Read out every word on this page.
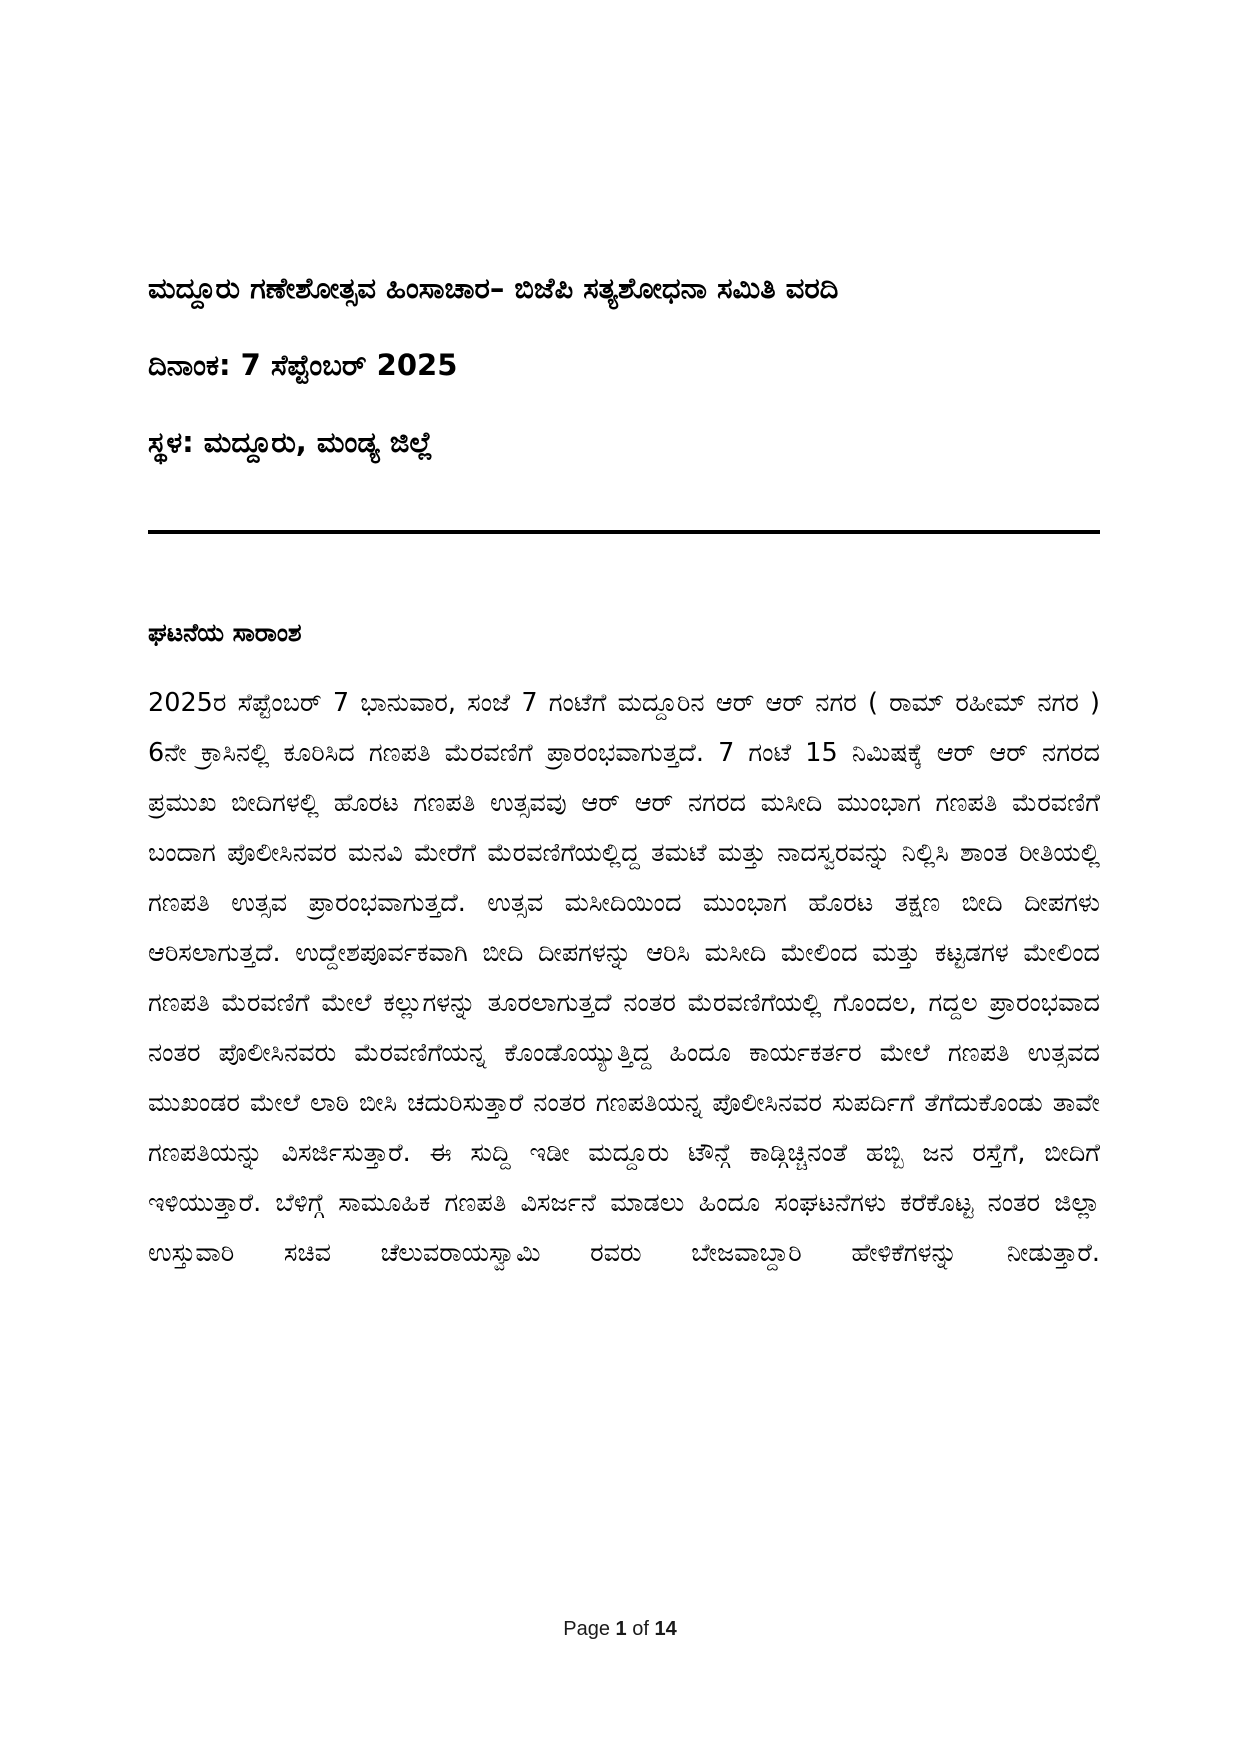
ಮದ್ದೂರು ಗಣೇಶೋತ್ಸವ ಹಿಂಸಾಚಾರ– ಬಿಜೆಪಿ ಸತ್ಯಶೋಧನಾ ಸಮಿತಿ ವರದಿ
ದಿನಾಂಕ: 7 ಸೆಪ್ಟೆಂಬರ್ 2025
ಸ್ಥಳ: ಮದ್ದೂರು, ಮಂಡ್ಯ ಜಿಲ್ಲೆ
ಘಟನೆಯ ಸಾರಾಂಶ

2025ರ ಸೆಪ್ಟೆಂಬರ್ 7 ಭಾನುವಾರ, ಸಂಜೆ 7 ಗಂಟೆಗೆ ಮದ್ದೂರಿನ ಆರ್ ಆರ್ ನಗರ ( ರಾಮ್ ರಹೀಮ್ ನಗರ ) 6ನೇ ಕ್ರಾಸಿನಲ್ಲಿ ಕೂರಿಸಿದ ಗಣಪತಿ ಮೆರವಣಿಗೆ ಪ್ರಾರಂಭವಾಗುತ್ತದೆ. 7 ಗಂಟೆ 15 ನಿಮಿಷಕ್ಕೆ ಆರ್ ಆರ್ ನಗರದ ಪ್ರಮುಖ ಬೀದಿಗಳಲ್ಲಿ ಹೊರಟ ಗಣಪತಿ ಉತ್ಸವವು ಆರ್ ಆರ್ ನಗರದ ಮಸೀದಿ ಮುಂಭಾಗ ಗಣಪತಿ ಮೆರವಣಿಗೆ ಬಂದಾಗ ಪೊಲೀಸಿನವರ ಮನವಿ ಮೇರೆಗೆ ಮೆರವಣಿಗೆಯಲ್ಲಿದ್ದ ತಮಟೆ ಮತ್ತು ನಾದಸ್ವರವನ್ನು ನಿಲ್ಲಿಸಿ ಶಾಂತ ರೀತಿಯಲ್ಲಿ ಗಣಪತಿ ಉತ್ಸವ ಪ್ರಾರಂಭವಾಗುತ್ತದೆ. ಉತ್ಸವ ಮಸೀದಿಯಿಂದ ಮುಂಭಾಗ ಹೊರಟ ತಕ್ಷಣ ಬೀದಿ ದೀಪಗಳು ಆರಿಸಲಾಗುತ್ತದೆ. ಉದ್ದೇಶಪೂರ್ವಕವಾಗಿ ಬೀದಿ ದೀಪಗಳನ್ನು ಆರಿಸಿ ಮಸೀದಿ ಮೇಲಿಂದ ಮತ್ತು ಕಟ್ಟಡಗಳ ಮೇಲಿಂದ ಗಣಪತಿ ಮೆರವಣಿಗೆ ಮೇಲೆ ಕಲ್ಲುಗಳನ್ನು ತೂರಲಾಗುತ್ತದೆ ನಂತರ ಮೆರವಣಿಗೆಯಲ್ಲಿ ಗೊಂದಲ, ಗದ್ದಲ ಪ್ರಾರಂಭವಾದ ನಂತರ ಪೊಲೀಸಿನವರು ಮೆರವಣಿಗೆಯನ್ನ ಕೊಂಡೊಯ್ಯುತ್ತಿದ್ದ ಹಿಂದೂ ಕಾರ್ಯಕರ್ತರ ಮೇಲೆ ಗಣಪತಿ ಉತ್ಸವದ ಮುಖಂಡರ ಮೇಲೆ ಲಾಠಿ ಬೀಸಿ ಚದುರಿಸುತ್ತಾರೆ ನಂತರ ಗಣಪತಿಯನ್ನ ಪೊಲೀಸಿನವರ ಸುಪರ್ದಿಗೆ ತೆಗೆದುಕೊಂಡು ತಾವೇ ಗಣಪತಿಯನ್ನು ವಿಸರ್ಜಿಸುತ್ತಾರೆ. ಈ ಸುದ್ದಿ ಇಡೀ ಮದ್ದೂರು ಟೌನ್ಗೆ ಕಾಡ್ಗಿಚ್ಚಿನಂತೆ ಹಬ್ಬಿ ಜನ ರಸ್ತೆಗೆ, ಬೀದಿಗೆ ಇಳಿಯುತ್ತಾರೆ. ಬೆಳಿಗ್ಗೆ ಸಾಮೂಹಿಕ ಗಣಪತಿ ವಿಸರ್ಜನೆ ಮಾಡಲು ಹಿಂದೂ ಸಂಘಟನೆಗಳು ಕರೆಕೊಟ್ಟ ನಂತರ ಜಿಲ್ಲಾ ಉಸ್ತುವಾರಿ ಸಚಿವ ಚೆಲುವರಾಯಸ್ವಾಮಿ ರವರು ಬೇಜವಾಬ್ದಾರಿ ಹೇಳಿಕೆಗಳನ್ನು ನೀಡುತ್ತಾರೆ.

Page 1 of 14
